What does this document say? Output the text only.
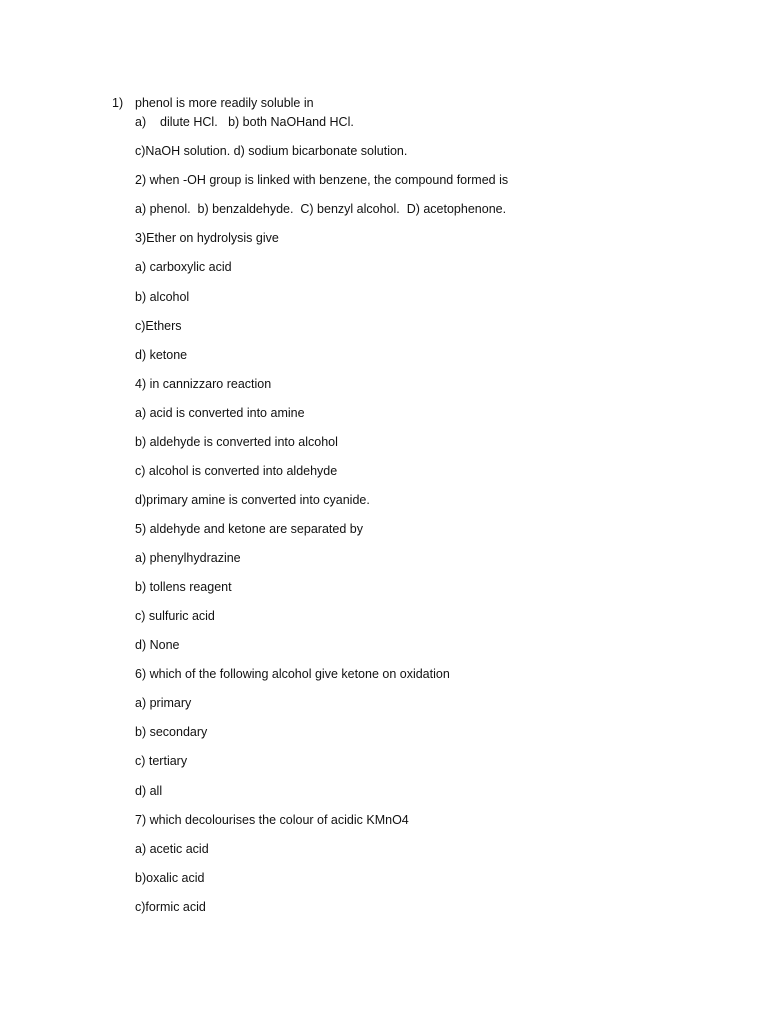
1) phenol is more readily soluble in
a)    dilute HCl.   b) both NaOHand HCl.
c)NaOH solution. d) sodium bicarbonate solution.
2) when -OH group is linked with benzene, the compound formed is
a) phenol.  b) benzaldehyde.  C) benzyl alcohol.  D) acetophenone.
3)Ether on hydrolysis give
a) carboxylic acid
b) alcohol
c)Ethers
d) ketone
4) in cannizzaro reaction
a) acid is converted into amine
b) aldehyde is converted into alcohol
c) alcohol is converted into aldehyde
d)primary amine is converted into cyanide.
5) aldehyde and ketone are separated by
a) phenylhydrazine
b) tollens reagent
c) sulfuric acid
d) None
6) which of the following alcohol give ketone on oxidation
a) primary
b) secondary
c) tertiary
d) all
7) which decolourises the colour of acidic KMnO4
a) acetic acid
b)oxalic acid
c)formic acid
